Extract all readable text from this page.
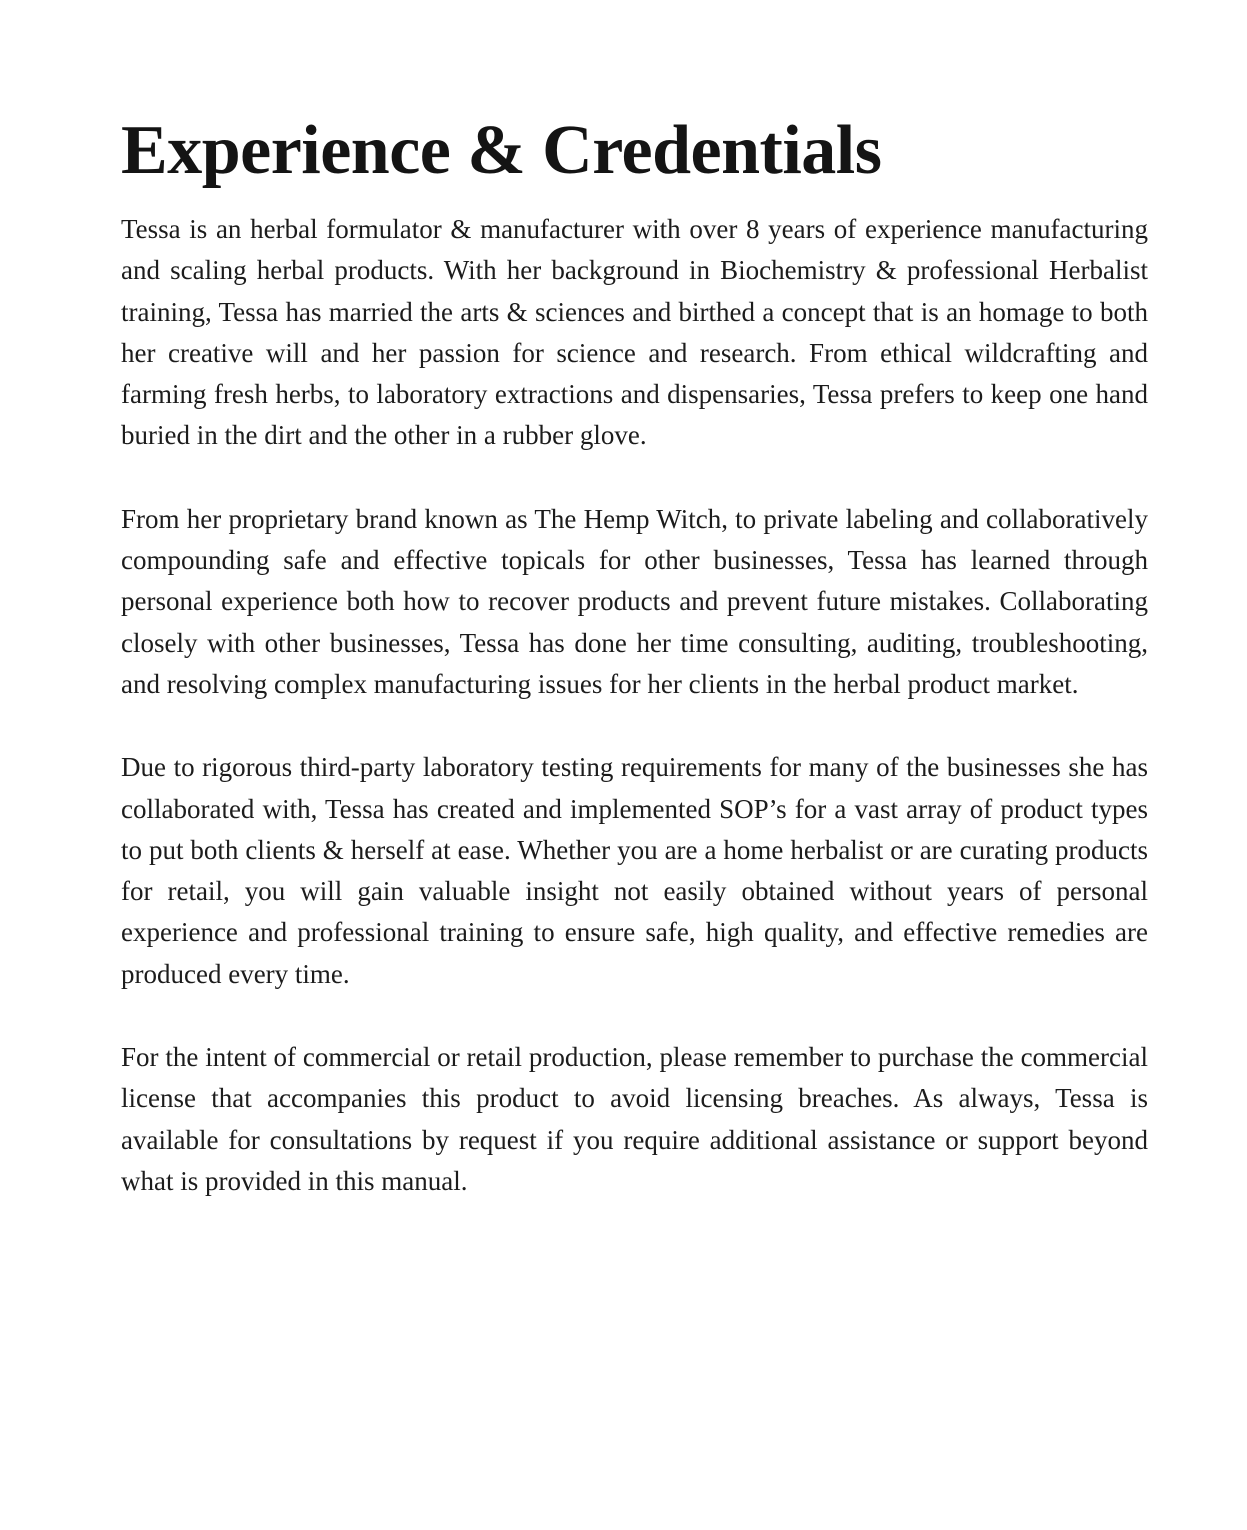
Experience & Credentials

Tessa is an herbal formulator & manufacturer with over 8 years of experience manufacturing and scaling herbal products. With her background in Biochemistry & professional Herbalist training, Tessa has married the arts & sciences and birthed a concept that is an homage to both her creative will and her passion for science and research. From ethical wildcrafting and farming fresh herbs, to laboratory extractions and dispensaries, Tessa prefers to keep one hand buried in the dirt and the other in a rubber glove.

From her proprietary brand known as The Hemp Witch, to private labeling and collaboratively compounding safe and effective topicals for other businesses, Tessa has learned through personal experience both how to recover products and prevent future mistakes. Collaborating closely with other businesses, Tessa has done her time consulting, auditing, troubleshooting, and resolving complex manufacturing issues for her clients in the herbal product market.

Due to rigorous third-party laboratory testing requirements for many of the businesses she has collaborated with, Tessa has created and implemented SOP’s for a vast array of product types to put both clients & herself at ease. Whether you are a home herbalist or are curating products for retail, you will gain valuable insight not easily obtained without years of personal experience and professional training to ensure safe, high quality, and effective remedies are produced every time.

For the intent of commercial or retail production, please remember to purchase the commercial license that accompanies this product to avoid licensing breaches. As always, Tessa is available for consultations by request if you require additional assistance or support beyond what is provided in this manual.
